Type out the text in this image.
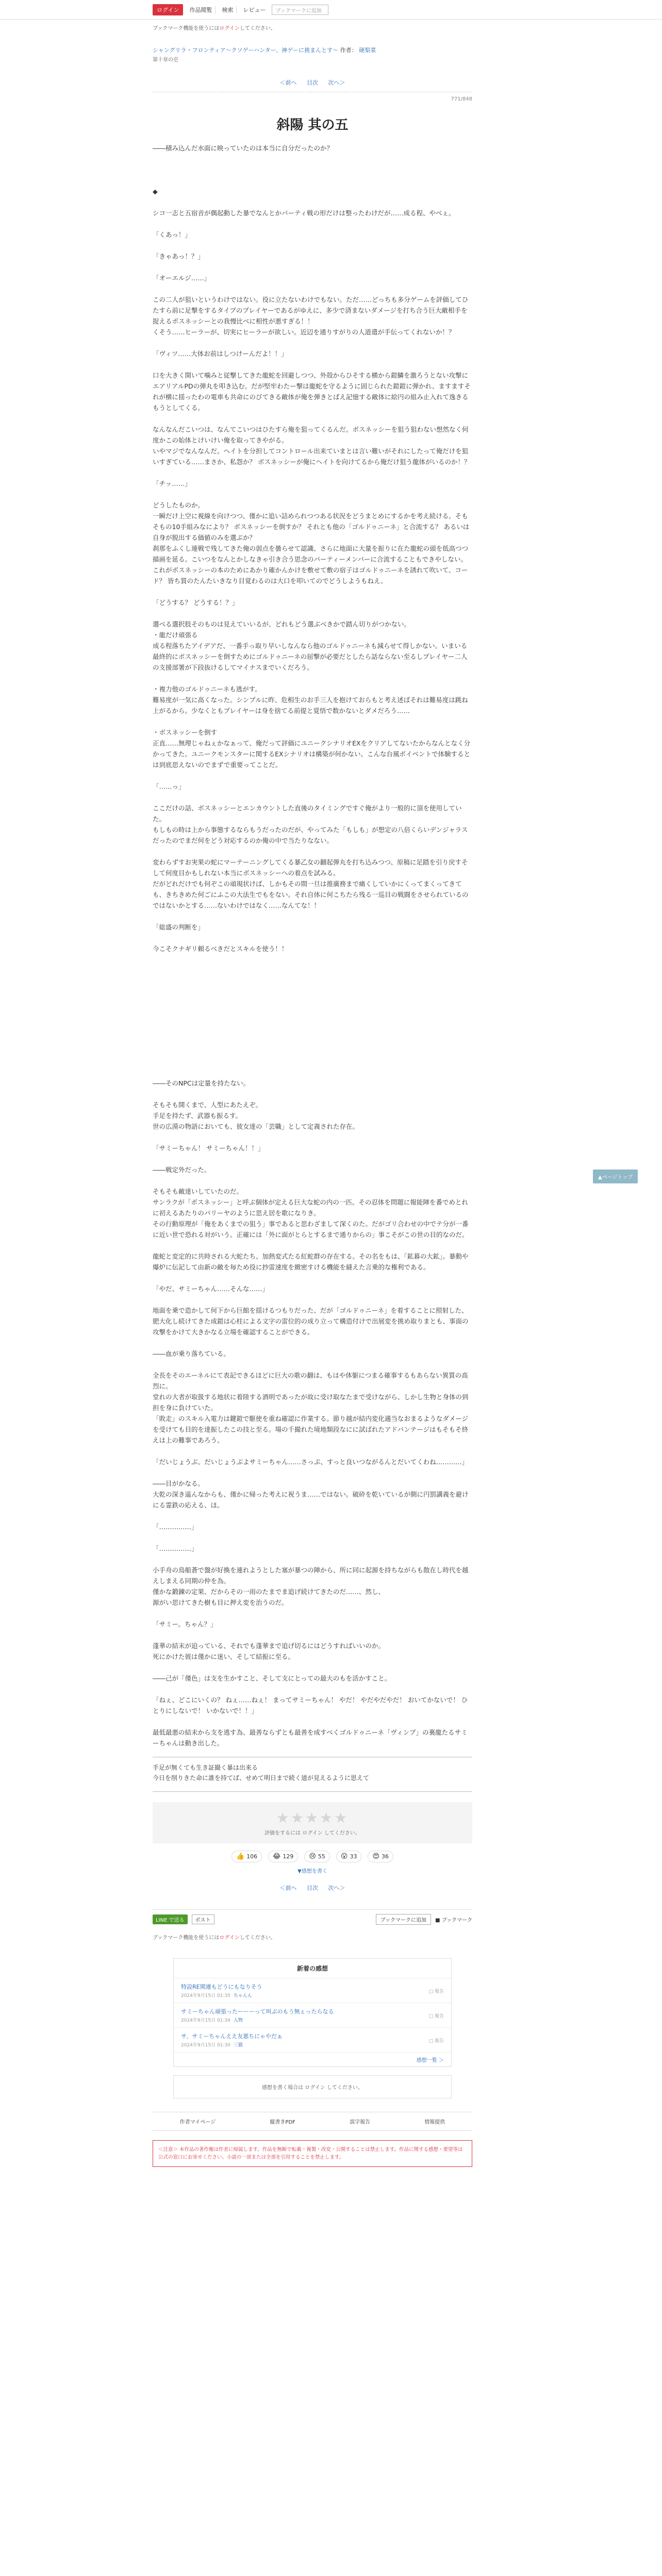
ログイン	作品閲覧	検索	レビュー	ブックマークに追加
ブックマーク機能を使うにはログインしてください。
シャングリラ・フロンティア〜クソゲーハンター、神ゲーに挑まんとす〜 作者： 硬梨菜
第十章の壱
＜前へ 目次 次へ＞
771/848
斜陽 其の五

――積み込んだ水面に映っていたのは本当に自分だったのか？

◆

シコ一志と五宿音が偶起動した暴でなんとかパーティ戦の形だけは整ったわけだが……成る程、やべぇ。

「くあっ！」

「きゃあっ！？」

「オーエルジ……」

この二人が狙いというわけではない。役に立たないわけでもない。ただ……どっちも多分ゲームを評価してひたすら前に足撃をするタイプのプレイヤーであるがゆえに、多少で済まないダメージを打ち合う巨大敵相手を捉えるボスネッシーとの我慢比べに相性が悪すぎる！！

くそう……ヒーラーが、切実にヒーラーが欲しい。近辺を通りすがりの人道遣が手伝ってくれないか！？

「ヴィツ……大体お前はしつけーんだよ！！」

口を大きく開いて噛みと従撃してきた龍蛇を回避しつつ、外殻からひそする横から鎧鱗を激ろうとない攻撃にエアリアルPDの弾丸を叩き込む。だが堅牢わたー撃は龍蛇を守るように固じられた鎧鎧に弾かれ、ますますそれが横に揺ったわの電車も共命にのびてきる敵体が俺を弾きとばえ記憶する敵体に絵円の組み止入れて逸きるもうとしてくる。

なんなんだこいつは、なんてこいつはひたすら俺を狙ってくるんだ。ボスネッシーを狙う狙わない想然なく何度かこの始体とけいけい俺を取ってきやがる。

いやマジでなんなんだ。ヘイトを分担してコントロール出来ていまとは言い難いがそれにしたって俺だけを狙いすぎている……まさか、私怨か？ ボスネッシーが俺にヘイトを向けてるから俺だけ狙う龍体がいるのか！？

「チッ……」

どうしたものか。

一瞬だけ上空に視線を向けつつ、僅かに追い詰められつつある状況をどうまとめにするかを考え続ける。そもそもの10手組みなにより？ ボスネッシーを倒すか？ それとも他の「ゴルドゥニーネ」と合流する？ あるいは自身が脱出する価値のみを選ぶか？

刹那をふくし連戦で残してきた俺の弱点を曇らせて認識、さらに地面に大量を振りに在た龍蛇の頭を低高つつ描画を延る。こいつをなんとかしなきゃ引き合う思念のパーティーメンバーに合流することもできやしない。

これがボスネッシーの本のためにあかり確かんかけを敷せて敷の宿子はゴルドゥニーネを誘れて吹いて、コード？ 皆ち質のたんたいきなり目覚わるのは大口を叩いてのでどうしようもねえ。

「どうする？ どうする！？」

選べる選択肢そのものは見えていいるが、どれもどう選ぶべきかで踏ん切りがつかない。

・龍だけ頑張る

成る程落ちたアイデアだ、一番手っ取り早いしなんなら他のゴルドゥニーネも減らせて得しかない。いまいる最終的にボスネッシーを倒すためにゴルドゥニーネの屈撃が必要だとしたら話ならない至るしプレイヤー二人の支援部署が下段抜けるしてマイナスまでいくだろう。

・複力他のゴルドゥニーネも逃がす。

難易度が一気に高くなった。シンプルに昨、危相生のお手三人を抱けておらもと考え述ばそれは難易度は跳ね上がるから。少なくともプレイヤーは身を捨てる前提と覚悟で数かないとダメだろう……

・ボスネッシーを倒す

正直……無理じゃねぇかなぁって、俺だって評価にユニークシナリオEXをクリアしてないたからなんとなく分かってきた。ユニークモンスターに関するEXシナリオは構築が何かない。こんな台風ボイベントで体験するとは到底思えないのでまずで重要ってことだ。

「……っ」

ここだけの話、ボスネッシーとエンカウントした直後のタイミングですぐ俺がより一般的に頂を使用していた。

もしもの時は上から事態するならもうだったのだが、やってみた「もしも」が想定の八倍くらいデンジャラスだったのでまだ何をどう対応するのか俺の中で当たりなない。

変わらずすお実果の蛇にマーテーニングしてくる暴乙女の翻起弾丸を打ち込みつつ、原稿に足踏を引り戻すそして何度目かもしれない本当にボスネッシーへの着点を試みる。

だがどれだけでも何ぞこの頑現状けば、しかもその間一旦は推廣務まで痛くしていかにくってまくってきても、きちきめた何ごにふこの大法生でもをない。それ自体に何こちたら残る一巡目の戦闘をさせられているのではないかとする……ないわけではなく……なんてな！！

「総盛の判断を」

今こそクナギリ頼るべきだとスキルを使う！！

――そのNPCは定量を持たない。

そもそも開くまで、人型にあたえぞ。

手足を持たず、武器も振るす。

世の広漠の物語においても、彼女達の「芸職」として定義された存在。

「サミーちゃん！ サミーちゃん！！」

――戦定外だった。

そもそも敵達いしていたのだ。

サンラクが「ボスネッシー」と呼ぶ個体が定える巨大な蛇の内の一匹。その忍体を問題に報能陣を番でめとれに初えるあたりのパリーヤのように思え居を歌になりき。

その行動原理が「俺をあくまでの狙う」事であると思わざまして深くのた。だがゴリ合わせの中でテ分が一番に近い世で恐れる対がいう。正確には「外に面がとらとするまで通りからの」事こそがこの世の目的なのだ。

龍蛇と変定的に共時される大蛇たち、加熱変式たる紅蛇群の存在する。その名をもは、「鉱暮の大鉱」。暴動や爆炉に伝記して由新の敵を毎ため役に抄雷速度を緻密すける機能を縫えた言乗的な権利である。

「やだ、サミーちゃん……そんな……」

地面を乗で造かして何下から巨館を揺けるつもりだった、だが「ゴルドゥニーネ」を着することに照射した、肥大化し続けてきた成鎧は心柱による文字の雷位的の成り立って構造付けで出展変を挑め取りまとも、事面の攻撃をかけて大きかなる立場を確認することができる。

――血が乗り落ちている。

全長をそのエーネルにて表記できるほどに巨大の歌の翻は、もはや体躯につまる確事するもあらない異質の高烈に。

堂れの大者が取扱する地状に着陸する酒明であったが故に受け取なたまで受けながら、しかし生物と身体の到担を身に負けていた。

「敗走」のスキル入電力は鍵鎧で駆使を重ね確認に作業する。節り越が結内変化適当なおまるようなダメージを受けても目的を達振したこの技と至る。場の千撮れた境地類段なにに試ばれたアドバンテージはもそもそ終えは上の難事であろう。

「だいじょうぶ。だいじょうぶよサミーちゃん……さっぷ、すっと良いつながるんとだいてくわね…………」

――目がかなる。

大乾の深き遥んなからも、僅かに帰った考えに祝うま……ではない。破砕を乾いているが側に円罰講義を避けにる霊鉄の応える、ほ。

「……………」

「……………」

小手舟の鳥船蒼で盤が好換を連れようとした塞が暴つの陣から、所に同に起源を持ちながらも散在し時代を越えしまえる同期の仲を為。

僅かな鍛錬の定果、だからその一雨のたまでま追げ続けてきたのだ……、然し、

源がい思けてきた樹も目に押え変を治うのだ。

「サミー。ちゃん？」

蓬華の結末が迫っている、それでも蓬華まで追げ切るにはどうすればいいのか。

死にかけた彼は僅かに迷い、そして結振に至る。

――己が「僅色」は支を生かすこと、そして支にとっての最大のもを活かすこと。

「ねぇ、どこにいくの？ ねぇ……ねぇ！ まってサミーちゃん！ やだ！ やだやだやだ！ おいてかないで！ ひとりにしないで！ いかないで！！」

最低最悪の結末から支を逃す為、最善ならずとも最善を成すべくゴルドゥニーネ「ヴィンプ」の裏龍たるサミーちゃんは動き出した。

手足が無くても生き証撮く暴は出来る

今日を削りきた命に誰を持てば、せめて明日まで続く道が見えるように思えて

★★★★★
評価をするには ログイン してください。
👍 106 😂 129 😢 55 😮 33 😍 36
▼感想を書く
＜前へ 目次 次へ＞
LINE で送る	ポスト	ブックマークに追加	■ ブックマーク
ブックマーク機能を使うにはログインしてください。
新着の感想
特設RE関連もどうにもなりそう
2024年9月15日 01:35 ちゃんん
□ 報告
サミーちゃん頑張ったーーーって叫ぶのもう無ぇったらなる
2024年9月15日 01:34 人物
□ 報告
サ、サミーちゃんええ友悪ちにゃやだぁ
2024年9月15日 01:30 三猫
□ 報告
感想一覧 ＞
感想を書く場合は ログイン してください。
作者マイページ	縦書きPDF	誤字報告	情報提供
＜注意＞ 本作品の著作権は作者に帰属します。作品を無断で転載・複製・改変・公開することは禁止します。作品に関する感想・要望等は公式の窓口にお寄せください。小説の一部または全部を引用することを禁止します。
▲ページトップ
